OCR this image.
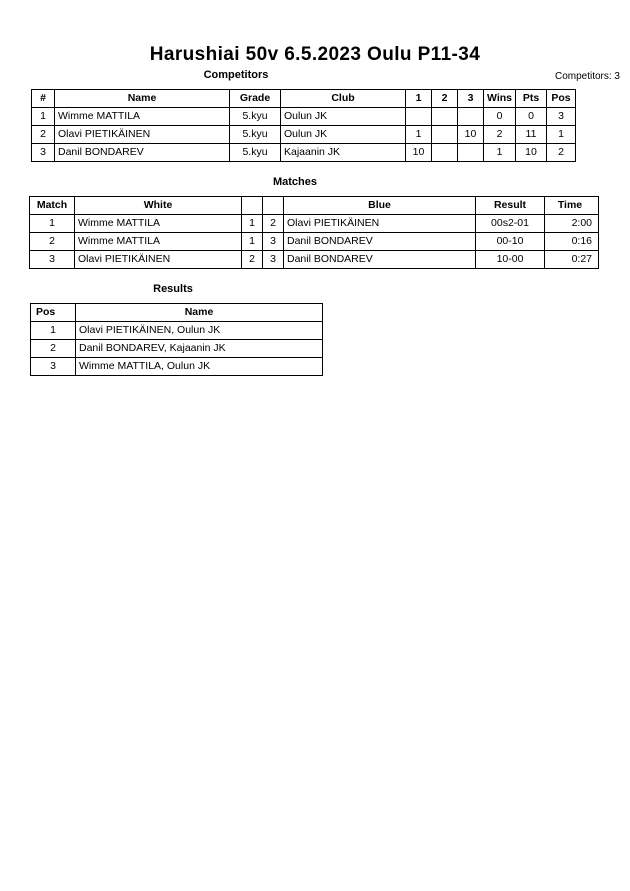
Harushiai 50v 6.5.2023 Oulu P11-34
Competitors	Competitors: 3
#	Name	Grade	Club	1	2	3	Wins	Pts	Pos
1	Wimme MATTILA	5.kyu	Oulun JK				0	0	3
2	Olavi PIETIKÄINEN	5.kyu	Oulun JK	1		10	2	11	1
3	Danil BONDAREV	5.kyu	Kajaanin JK	10			1	10	2
Matches
Match	White			Blue	Result	Time
1	Wimme MATTILA	1	2	Olavi PIETIKÄINEN	00s2-01	2:00
2	Wimme MATTILA	1	3	Danil BONDAREV	00-10	0:16
3	Olavi PIETIKÄINEN	2	3	Danil BONDAREV	10-00	0:27
Results
Pos	Name
1	Olavi PIETIKÄINEN, Oulun JK
2	Danil BONDAREV, Kajaanin JK
3	Wimme MATTILA, Oulun JK
